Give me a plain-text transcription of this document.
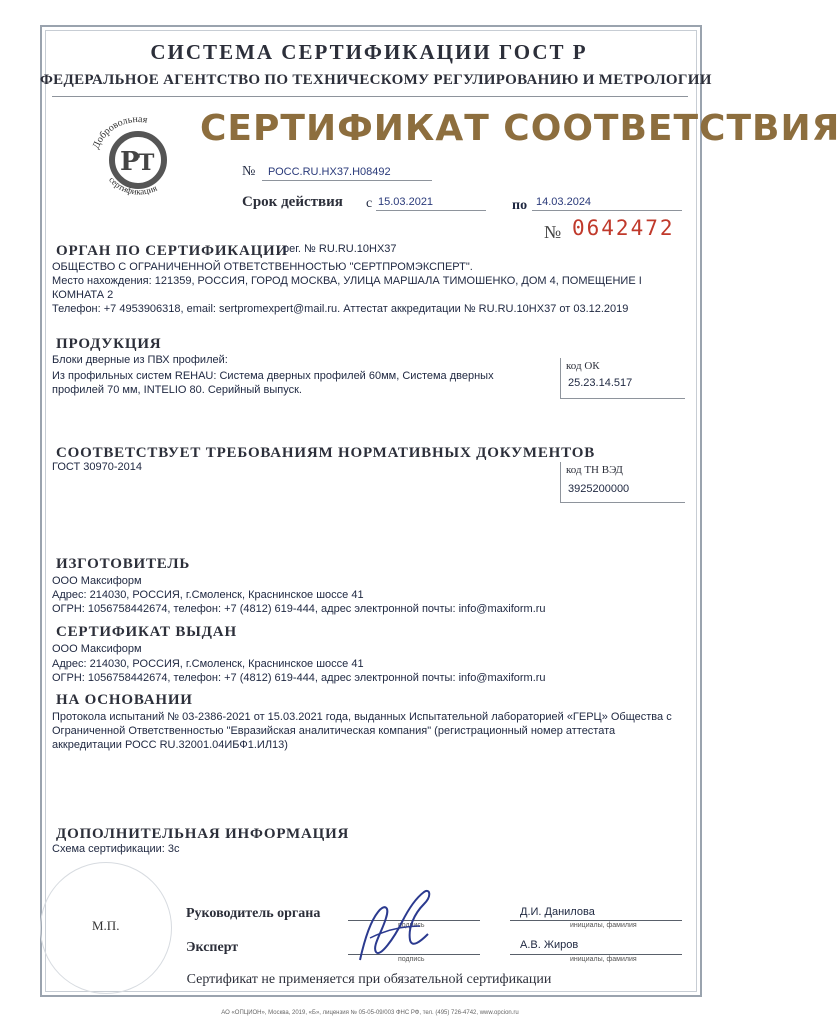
СИСТЕМА СЕРТИФИКАЦИИ ГОСТ Р
ФЕДЕРАЛЬНОЕ АГЕНТСТВО ПО ТЕХНИЧЕСКОМУ РЕГУЛИРОВАНИЮ И МЕТРОЛОГИИ
P
Т
Добровольная
сертификация
СЕРТИФИКАТ СООТВЕТСТВИЯ
№ РОСС.RU.НХ37.Н08492
Срок действия с 15.03.2021	по 14.03.2024
№ 0642472
ОРГАН ПО СЕРТИФИКАЦИИ
рег. № RU.RU.10НХ37
ОБЩЕСТВО С ОГРАНИЧЕННОЙ ОТВЕТСТВЕННОСТЬЮ "СЕРТПРОМЭКСПЕРТ".
Место нахождения: 121359, РОССИЯ, ГОРОД МОСКВА, УЛИЦА МАРШАЛА ТИМОШЕНКО, ДОМ 4, ПОМЕЩЕНИЕ I
КОМНАТА 2
Телефон: +7 4953906318, email: sertpromexpert@mail.ru. Аттестат аккредитации № RU.RU.10НХ37 от 03.12.2019
ПРОДУКЦИЯ
Блоки дверные из ПВХ профилей:
Из профильных систем REHAU: Система дверных профилей 60мм, Система дверных
профилей 70 мм, INTELIO 80. Серийный выпуск.
код ОК
25.23.14.517
СООТВЕТСТВУЕТ ТРЕБОВАНИЯМ НОРМАТИВНЫХ ДОКУМЕНТОВ
ГОСТ 30970-2014	код ТН ВЭД
3925200000
ИЗГОТОВИТЕЛЬ
ООО Максиформ
Адрес: 214030, РОССИЯ, г.Смоленск, Краснинское шоссе 41
ОГРН: 1056758442674, телефон: +7 (4812) 619-444, адрес электронной почты: info@maxiform.ru
СЕРТИФИКАТ ВЫДАН
ООО Максиформ
Адрес: 214030, РОССИЯ, г.Смоленск, Краснинское шоссе 41
ОГРН: 1056758442674, телефон: +7 (4812) 619-444, адрес электронной почты: info@maxiform.ru
НА ОСНОВАНИИ
Протокола испытаний № 03-2386-2021 от 15.03.2021 года, выданных Испытательной лабораторией «ГЕРЦ» Общества с
Ограниченной Ответственностью "Евразийская аналитическая компания" (регистрационный номер аттестата
аккредитации РОСС RU.32001.04ИБФ1.ИЛ13)
ДОПОЛНИТЕЛЬНАЯ ИНФОРМАЦИЯ
Схема сертификации: 3с
М.П.
Руководитель органа
подпись
Д.И. Данилова
инициалы, фамилия
Эксперт
подпись
А.В. Жиров
инициалы, фамилия
Сертификат не применяется при обязательной сертификации
АО «ОПЦИОН», Москва, 2019, «Б», лицензия № 05-05-09/003 ФНС РФ, тел. (495) 726-4742, www.opcion.ru
